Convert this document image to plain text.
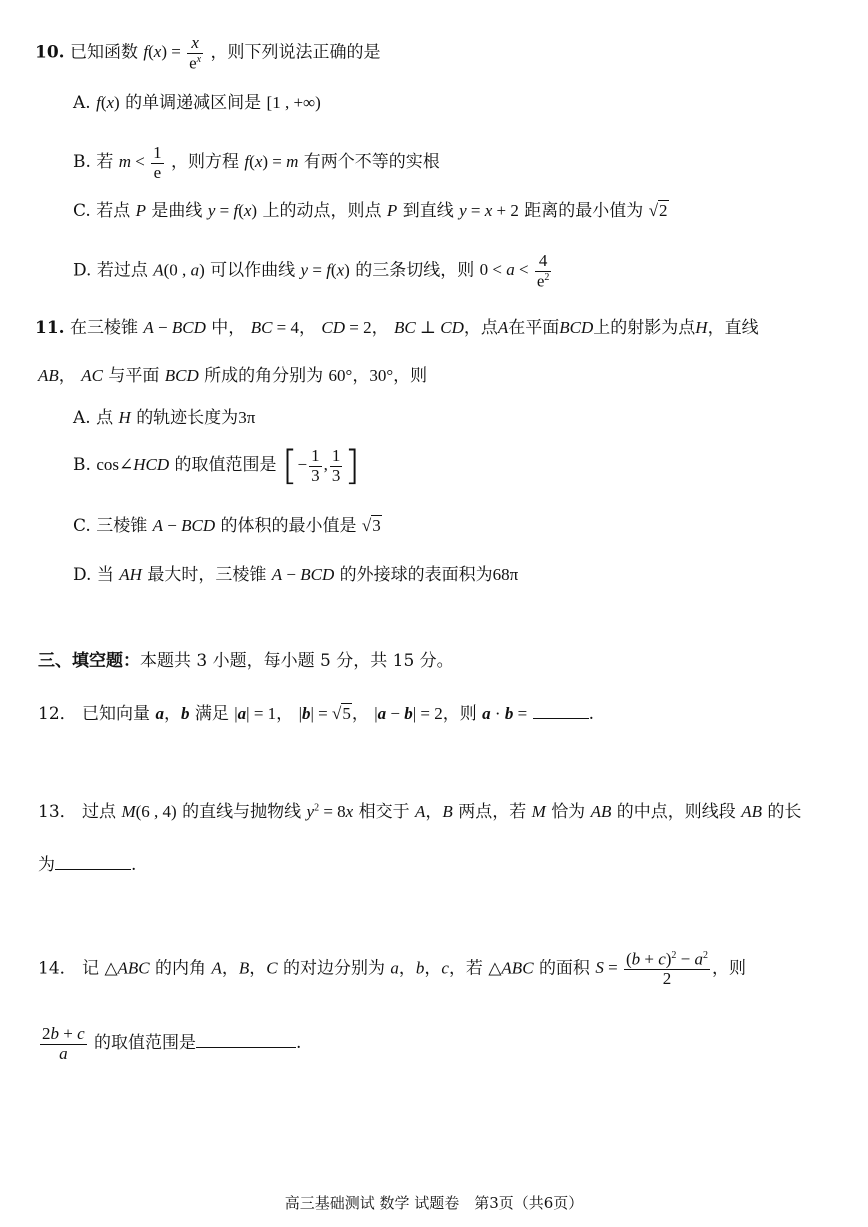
10. 已知函数 $f(x) = \frac{x}{e^x}$ ，则下列说法正确的是
A. f(x) 的单调递减区间是 [1 , +∞)
B. 若 $m < \frac{1}{e}$ ，则方程 f(x) = m 有两个不等的实根
C. 若点 P 是曲线 y = f(x) 上的动点，则点 P 到直线 y = x + 2 距离的最小值为 √2
D. 若过点 A(0 , a) 可以作曲线 y = f(x) 的三条切线，则 $0 < a < \frac{4}{e^2}$
11. 在三棱锥 A − BCD 中， BC = 4， CD = 2， BC ⊥ CD，点A在平面BCD上的射影为点H，直线
AB， AC 与平面 BCD 所成的角分别为 60°，30°，则
A. 点 H 的轨迹长度为3π
B. cos∠HCD 的取值范围是 [− $\frac{1}{3}$ , $\frac{1}{3}$ ]
C. 三棱锥 A − BCD 的体积的最小值是 √3
D. 当 AH 最大时，三棱锥 A − BCD 的外接球的表面积为68π
三、填空题：本题共 3 小题，每小题 5 分，共 15 分。
12． 已知向量 a，b 满足 |a| = 1， |b| = √5， |a − b| = 2，则 a · b =	.
13． 过点 M(6 , 4) 的直线与抛物线 $y^2 = 8x$ 相交于 A，B 两点，若 M 恰为 AB 的中点，则线段 AB 的长
为	.
14． 记 △ABC 的内角 A，B，C 的对边分别为 a，b，c，若 △ABC 的面积 $S = \frac{(b + c)^2 - a^2}{2}$ ，则
$\frac{2b + c}{a}$ 的取值范围是	.
高三基础测试 数学 试题卷　第3页（共6页）
